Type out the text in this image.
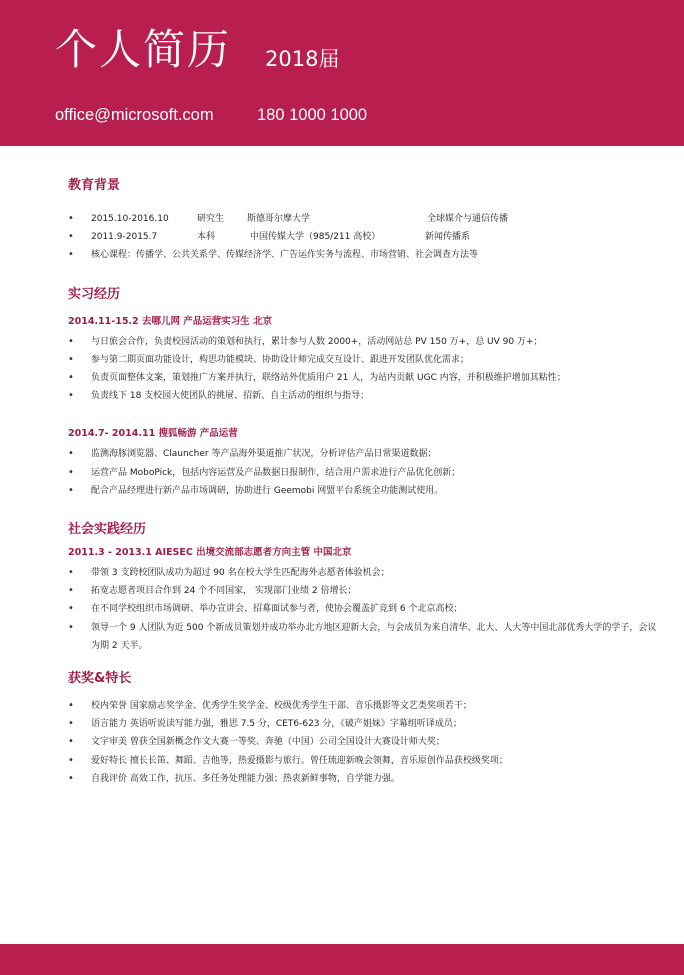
个人简历 2018届
office@microsoft.com	180 1000 1000
教育背景
• 2015.10-2016.10	研究生	斯德哥尔摩大学	全球媒介与通信传播
• 2011.9-2015.7	本科	中国传媒大学（985/211 高校）	新闻传播系
• 核心课程：传播学、公共关系学、传媒经济学、广告运作实务与流程、市场营销、社会调查方法等
实习经历
2014.11-15.2 去哪儿网 产品运营实习生 北京
• 与日旅会合作，负责校园活动的策划和执行，累计参与人数 2000+，活动网站总 PV 150 万+，总 UV 90 万+；
• 参与第二期页面功能设计，构思功能模块、协助设计师完成交互设计、跟进开发团队优化需求；
• 负责页面整体文案，策划推广方案并执行，联络站外优质用户 21 人，为站内贡献 UGC 内容，并积极维护增加其粘性；
• 负责线下 18 支校园大使团队的挑屉、招新、自主活动的组织与指导；
2014.7- 2014.11 搜狐畅游 产品运营
• 监测海豚浏览器、Clauncher 等产品海外渠道推广状况，分析评估产品日常渠道数据；
• 运营产品 MoboPick，包括内容运营及产品数据日报制作，结合用户需求进行产品优化创新；
• 配合产品经理进行新产品市场调研，协助进行 Geemobi 网盟平台系统全功能测试使用。
社会实践经历
2011.3 - 2013.1 AIESEC 出境交流部志愿者方向主管 中国北京
• 带领 3 支跨校团队成功为超过 90 名在校大学生匹配海外志愿者体验机会；
• 拓宽志愿者项目合作到 24 个不同国家， 实现部门业绩 2 倍增长；
• 在不同学校组织市场调研、举办宣讲会、招募面试参与者，使协会覆盖扩竞到 6 个北京高校；
• 领导一个 9 人团队为近 500 个新成员策划并成功举办北方地区迎新大会，与会成员为来自清华、北大、人大等中国北部优秀大学的学子，会议为期 2 天半。
获奖&特长
• 校内荣誉 国家励志奖学金、优秀学生奖学金、校级优秀学生干部、音乐摄影等文艺类奖项若干；
• 语言能力 英语听说读写能力强，雅思 7.5 分，CET6-623 分，《破产姐妹》字幕组听译成员；
• 文字审美 曾获全国新概念作文大赛一等奖、奔驰（中国）公司全国设计大赛设计师大奖；
• 爱好特长 擅长长笛、舞蹈、吉他等，热爱摄影与旅行。曾任琉迎新晚会领舞，音乐原创作品获校级奖项；
• 自我评价 高效工作，抗压、多任务处理能力强；热衷新鲜事物，自学能力强。
